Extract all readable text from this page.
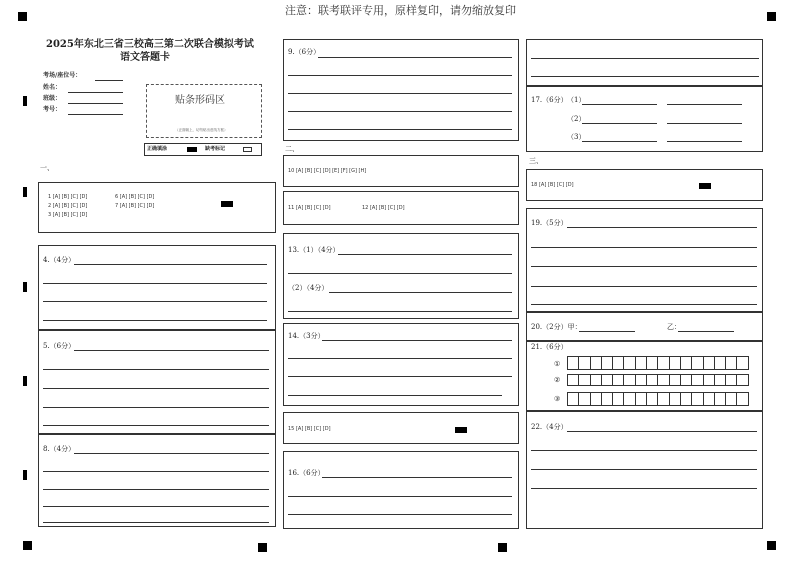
注意：联考联评专用，原样复印，请勿缩放复印
2025年东北三省三校高三第二次联合模拟考试
语文答题卡
考场/座位号：
姓名：
班级：
考号：
贴条形码区
（正面朝上，切勿贴出虚线方框）
正确填涂	缺考标记
一、
1 [A] [B] [C] [D]
2 [A] [B] [C] [D]
3 [A] [B] [C] [D]
6 [A] [B] [C] [D]
7 [A] [B] [C] [D]
4.（4分）
5.（6分）
8.（4分）
9.（6分）
二、
10 [A] [B] [C] [D] [E] [F] [G] [H]
11 [A] [B] [C] [D]	12 [A] [B] [C] [D]
13.（1）（4分）
（2）（4分）
14.（3分）
15 [A] [B] [C] [D]
16.（6分）
17.（6分） （1）
（2）
（3）
三、
18 [A] [B] [C] [D]
19.（5分）
20.（2分）甲：	乙：
21.（6分）
①
②
③
22.（4分）
